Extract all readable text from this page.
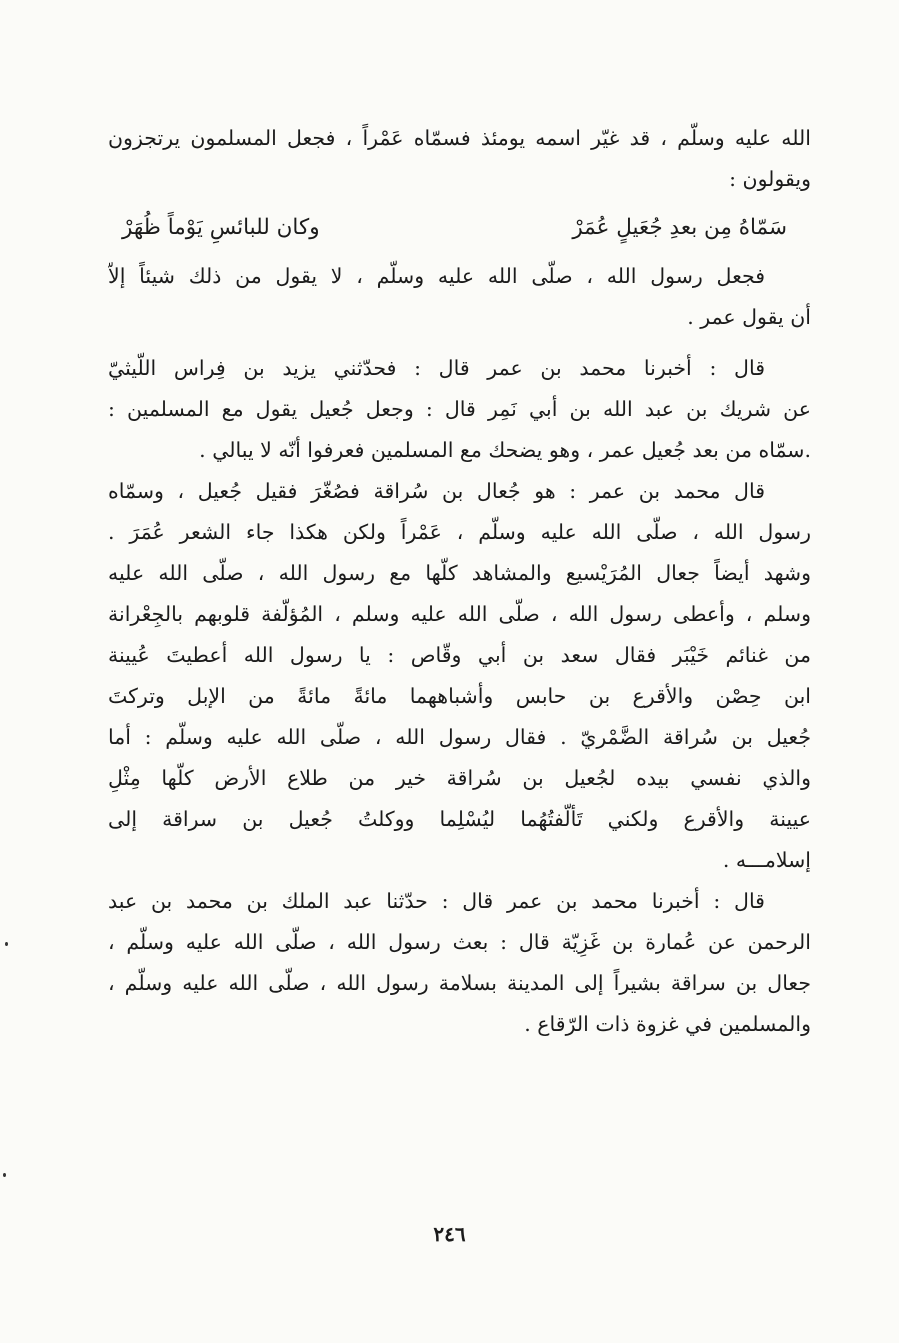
الله عليه وسلّم ، قد غيّر اسمه يومئذ فسمّاه عَمْراً ، فجعل المسلمون يرتجزون
ويقولون :
سَمّاهُ مِن بعدِ جُعَيلٍ عُمَرْ
وكان للبائسِ يَوْماً ظُهَرْ
فجعل رسول الله ، صلّى الله عليه وسلّم ، لا يقول من ذلك شيئاً إلاّ
أن يقول عمر .
قال : أخبرنا محمد بن عمر قال : فحدّثني يزيد بن فِراس اللّيثيّ
عن شريك بن عبد الله بن أبي نَمِر قال : وجعل جُعيل يقول مع المسلمين :
.سمّاه من بعد جُعيل عمر ، وهو يضحك مع المسلمين فعرفوا أنّه لا يبالي .
قال محمد بن عمر : هو جُعال بن سُراقة فصُغّرَ فقيل جُعيل ، وسمّاه
رسول الله ، صلّى الله عليه وسلّم ، عَمْراً ولكن هكذا جاء الشعر عُمَرَ .
وشهد أيضاً جعال المُرَيْسيع والمشاهد كلّها مع رسول الله ، صلّى الله عليه
وسلم ، وأعطى رسول الله ، صلّى الله عليه وسلم ، المُؤلّفة قلوبهم بالجِعْرانة
من غنائم خَيْبَر فقال سعد بن أبي وقّاص : يا رسول الله أعطيتَ عُيينة
ابن حِصْن والأقرع بن حابس وأشباههما مائةً مائةً من الإبل وتركتَ
جُعيل بن سُراقة الضَّمْريّ . فقال رسول الله ، صلّى الله عليه وسلّم : أما
والذي نفسي بيده لجُعيل بن سُراقة خير من طلاع الأرض كلّها مِثْلِ
عيينة والأقرع ولكني تَألّفتُهُما ليُسْلِما ووكلتُ جُعيل بن سراقة إلى
إسلامـــه .
قال : أخبرنا محمد بن عمر قال : حدّثنا عبد الملك بن محمد بن عبد
الرحمن عن عُمارة بن غَزِيّة قال : بعث رسول الله ، صلّى الله عليه وسلّم ،
جعال بن سراقة بشيراً إلى المدينة بسلامة رسول الله ، صلّى الله عليه وسلّم ،
والمسلمين في غزوة ذات الرّقاع .
٢٤٦
